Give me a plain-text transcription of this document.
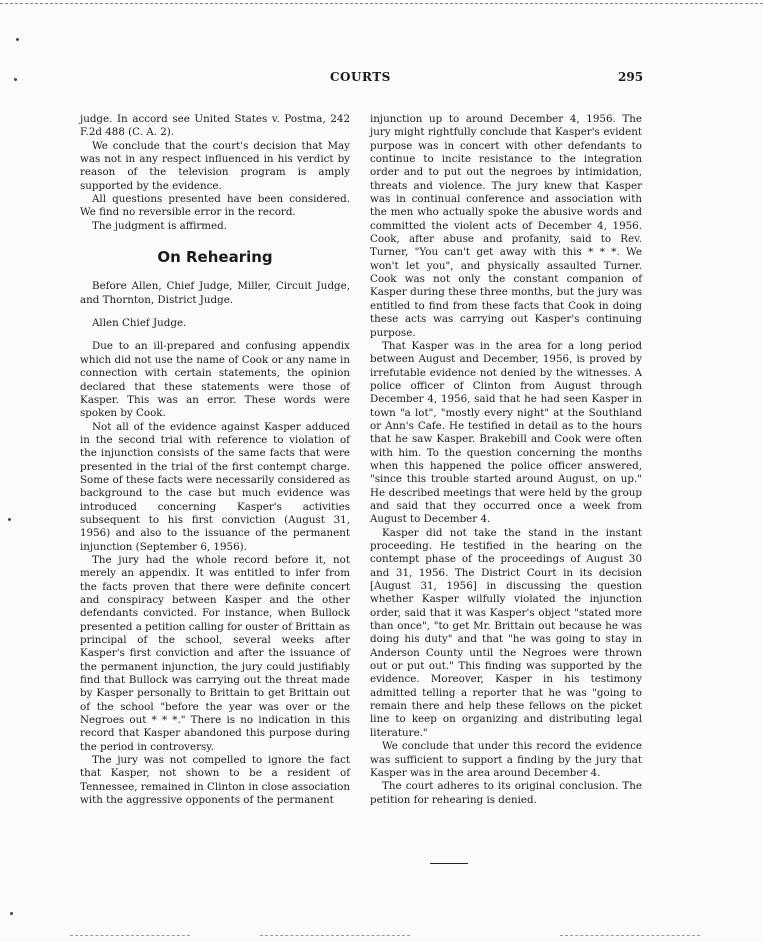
COURTS	295

judge. In accord see United States v. Postma, 242 F.2d 488 (C. A. 2).

We conclude that the court's decision that May was not in any respect influenced in his verdict by reason of the television program is amply supported by the evidence.

All questions presented have been considered. We find no reversible error in the record.

The judgment is affirmed.

On Rehearing

Before Allen, Chief Judge, Miller, Circuit Judge, and Thornton, District Judge.

Allen Chief Judge.

Due to an ill-prepared and confusing appendix which did not use the name of Cook or any name in connection with certain statements, the opinion declared that these statements were those of Kasper. This was an error. These words were spoken by Cook.

Not all of the evidence against Kasper adduced in the second trial with reference to violation of the injunction consists of the same facts that were presented in the trial of the first contempt charge. Some of these facts were necessarily considered as background to the case but much evidence was introduced concerning Kasper's activities subsequent to his first conviction (August 31, 1956) and also to the issuance of the permanent injunction (September 6, 1956).

The jury had the whole record before it, not merely an appendix. It was entitled to infer from the facts proven that there were definite concert and conspiracy between Kasper and the other defendants convicted. For instance, when Bullock presented a petition calling for ouster of Brittain as principal of the school, several weeks after Kasper's first conviction and after the issuance of the permanent injunction, the jury could justifiably find that Bullock was carrying out the threat made by Kasper personally to Brittain to get Brittain out of the school "before the year was over or the Negroes out * * *." There is no indication in this record that Kasper abandoned this purpose during the period in controversy.

The jury was not compelled to ignore the fact that Kasper, not shown to be a resident of Tennessee, remained in Clinton in close association with the aggressive opponents of the permanent

injunction up to around December 4, 1956. The jury might rightfully conclude that Kasper's evident purpose was in concert with other defendants to continue to incite resistance to the integration order and to put out the negroes by intimidation, threats and violence. The jury knew that Kasper was in continual conference and association with the men who actually spoke the abusive words and committed the violent acts of December 4, 1956. Cook, after abuse and profanity, said to Rev. Turner, "You can't get away with this * * *. We won't let you", and physically assaulted Turner. Cook was not only the constant companion of Kasper during these three months, but the jury was entitled to find from these facts that Cook in doing these acts was carrying out Kasper's continuing purpose.

That Kasper was in the area for a long period between August and December, 1956, is proved by irrefutable evidence not denied by the witnesses. A police officer of Clinton from August through December 4, 1956, said that he had seen Kasper in town "a lot", "mostly every night" at the Southland or Ann's Cafe. He testified in detail as to the hours that he saw Kasper. Brakebill and Cook were often with him. To the question concerning the months when this happened the police officer answered, "since this trouble started around August, on up." He described meetings that were held by the group and said that they occurred once a week from August to December 4.

Kasper did not take the stand in the instant proceeding. He testified in the hearing on the contempt phase of the proceedings of August 30 and 31, 1956. The District Court in its decision [August 31, 1956] in discussing the question whether Kasper wilfully violated the injunction order, said that it was Kasper's object "stated more than once", "to get Mr. Brittain out because he was doing his duty" and that "he was going to stay in Anderson County until the Negroes were thrown out or put out." This finding was supported by the evidence. Moreover, Kasper in his testimony admitted telling a reporter that he was "going to remain there and help these fellows on the picket line to keep on organizing and distributing legal literature."

We conclude that under this record the evidence was sufficient to support a finding by the jury that Kasper was in the area around December 4.

The court adheres to its original conclusion. The petition for rehearing is denied.
